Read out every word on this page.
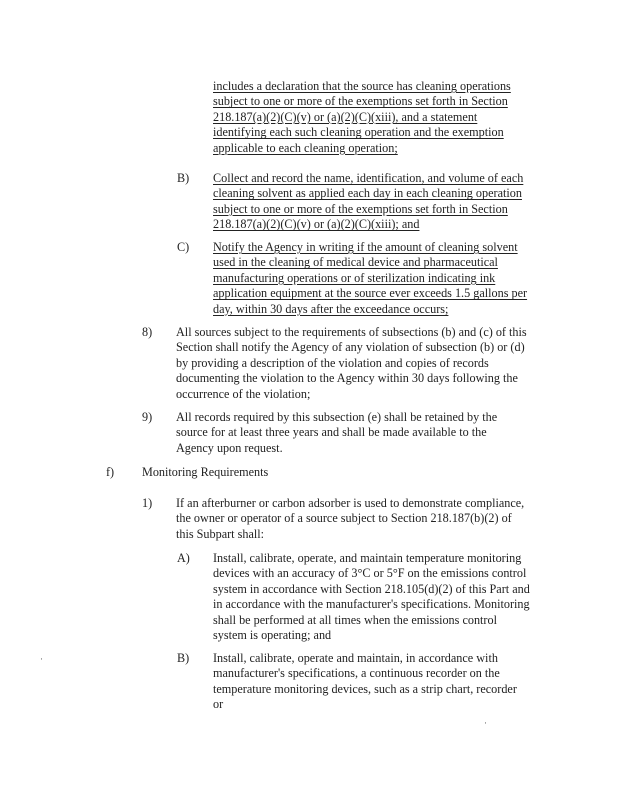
includes a declaration that the source has cleaning operations subject to one or more of the exemptions set forth in Section 218.187(a)(2)(C)(v) or (a)(2)(C)(xiii), and a statement identifying each such cleaning operation and the exemption applicable to each cleaning operation;

B) Collect and record the name, identification, and volume of each cleaning solvent as applied each day in each cleaning operation subject to one or more of the exemptions set forth in Section 218.187(a)(2)(C)(v) or (a)(2)(C)(xiii); and

C) Notify the Agency in writing if the amount of cleaning solvent used in the cleaning of medical device and pharmaceutical manufacturing operations or of sterilization indicating ink application equipment at the source ever exceeds 1.5 gallons per day, within 30 days after the exceedance occurs;

8) All sources subject to the requirements of subsections (b) and (c) of this Section shall notify the Agency of any violation of subsection (b) or (d) by providing a description of the violation and copies of records documenting the violation to the Agency within 30 days following the occurrence of the violation;

9) All records required by this subsection (e) shall be retained by the source for at least three years and shall be made available to the Agency upon request.

f) Monitoring Requirements
1) If an afterburner or carbon adsorber is used to demonstrate compliance, the owner or operator of a source subject to Section 218.187(b)(2) of this Subpart shall:

A) Install, calibrate, operate, and maintain temperature monitoring devices with an accuracy of 3°C or 5°F on the emissions control system in accordance with Section 218.105(d)(2) of this Part and in accordance with the manufacturer's specifications. Monitoring shall be performed at all times when the emissions control system is operating; and

B) Install, calibrate, operate and maintain, in accordance with manufacturer's specifications, a continuous recorder on the temperature monitoring devices, such as a strip chart, recorder or

·
·
